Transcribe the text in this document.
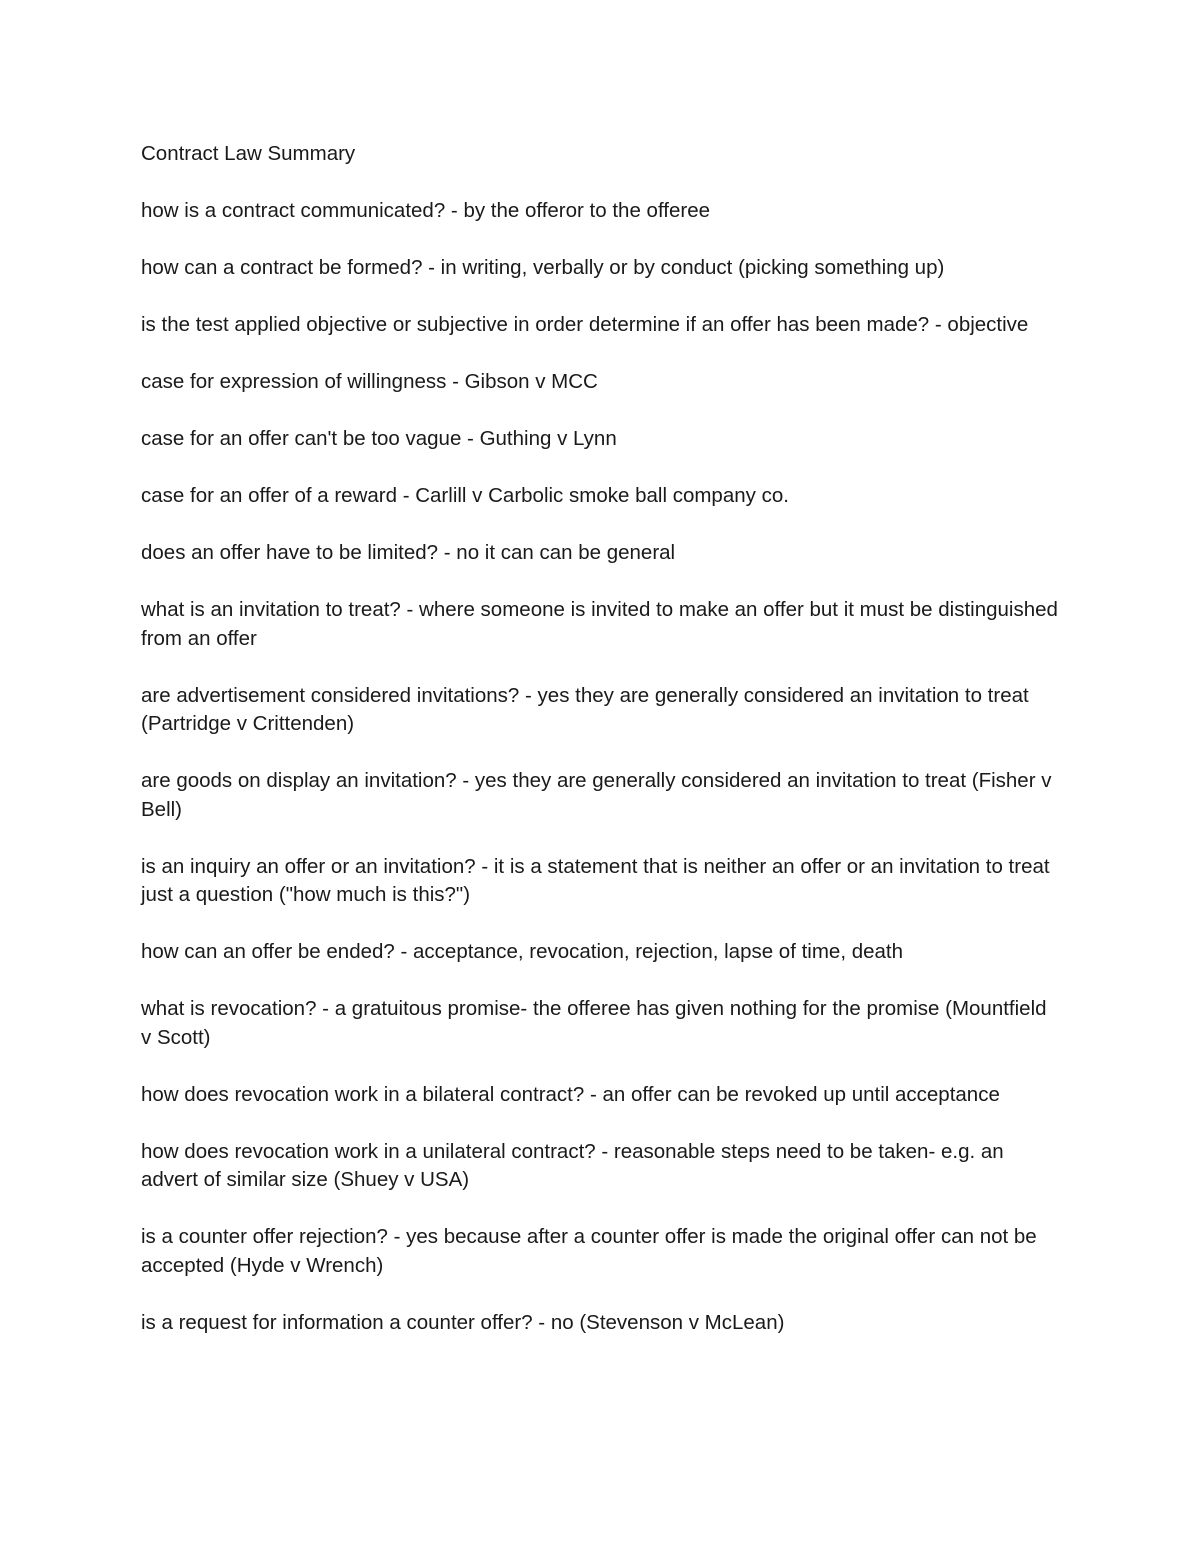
Contract Law Summary

how is a contract communicated? - by the offeror to the offeree

how can a contract be formed? - in writing, verbally or by conduct (picking something up)

is the test applied objective or subjective in order determine if an offer has been made? - objective

case for expression of willingness - Gibson v MCC

case for an offer can't be too vague - Guthing v Lynn

case for an offer of a reward - Carlill v Carbolic smoke ball company co.

does an offer have to be limited? - no it can can be general

what is an invitation to treat? - where someone is invited to make an offer but it must be distinguished from an offer

are advertisement considered invitations? - yes they are generally considered an invitation to treat (Partridge v Crittenden)

are goods on display an invitation? - yes they are generally considered an invitation to treat (Fisher v Bell)

is an inquiry an offer or an invitation? - it is a statement that is neither an offer or an invitation to treat just a question ("how much is this?")

how can an offer be ended? - acceptance, revocation, rejection, lapse of time, death

what is revocation? - a gratuitous promise- the offeree has given nothing for the promise (Mountfield v Scott)

how does revocation work in a bilateral contract? - an offer can be revoked up until acceptance

how does revocation work in a unilateral contract? - reasonable steps need to be taken- e.g. an advert of similar size (Shuey v USA)

is a counter offer rejection? - yes because after a counter offer is made the original offer can not be accepted (Hyde v Wrench)

is a request for information a counter offer? - no (Stevenson v McLean)
